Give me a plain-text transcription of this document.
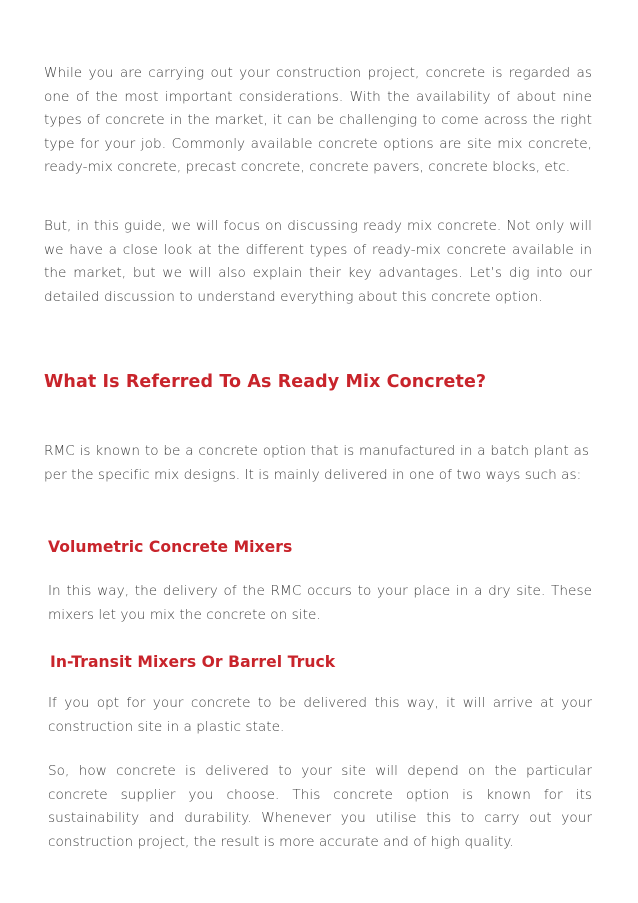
While you are carrying out your construction project, concrete is regarded as one of the most important considerations. With the availability of about nine types of concrete in the market, it can be challenging to come across the right type for your job. Commonly available concrete options are site mix concrete, ready-mix concrete, precast concrete, concrete pavers, concrete blocks, etc.

But, in this guide, we will focus on discussing ready mix concrete. Not only will we have a close look at the different types of ready-mix concrete available in the market, but we will also explain their key advantages. Let’s dig into our detailed discussion to understand everything about this concrete option.

What Is Referred To As Ready Mix Concrete?

RMC is known to be a concrete option that is manufactured in a batch plant as per the specific mix designs. It is mainly delivered in one of two ways such as:

Volumetric Concrete Mixers

In this way, the delivery of the RMC occurs to your place in a dry site. These mixers let you mix the concrete on site.

In-Transit Mixers Or Barrel Truck

If you opt for your concrete to be delivered this way, it will arrive at your construction site in a plastic state.

So, how concrete is delivered to your site will depend on the particular concrete supplier you choose. This concrete option is known for its sustainability and durability. Whenever you utilise this to carry out your construction project, the result is more accurate and of high quality.
